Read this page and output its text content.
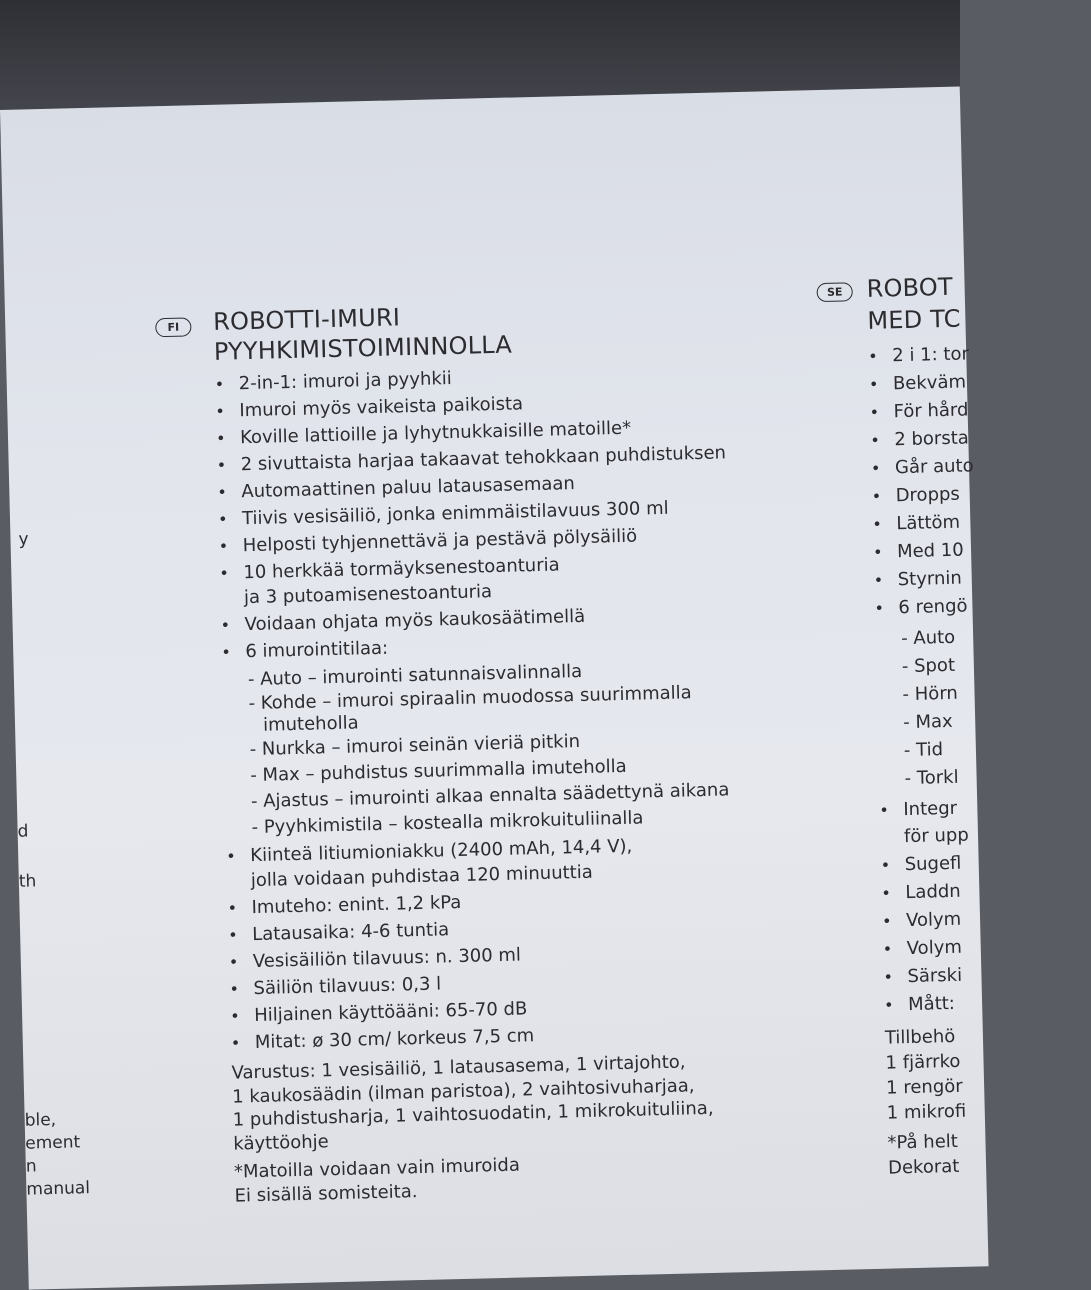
y
d
th
ble,
ement
n
manual
FI	ROBOTTI-IMURI
PYYHKIMISTOIMINNOLLA
• 2-in-1: imuroi ja pyyhkii
• Imuroi myös vaikeista paikoista
• Koville lattioille ja lyhytnukkaisille matoille*
• 2 sivuttaista harjaa takaavat tehokkaan puhdistuksen
• Automaattinen paluu latausasemaan
• Tiivis vesisäiliö, jonka enimmäistilavuus 300 ml
• Helposti tyhjennettävä ja pestävä pölysäiliö
• 10 herkkää tormäyksenestoanturia
ja 3 putoamisenestoanturia
• Voidaan ohjata myös kaukosäätimellä
• 6 imurointitilaa:
- Auto – imurointi satunnaisvalinnalla
- Kohde – imuroi spiraalin muodossa suurimmalla
imuteholla
- Nurkka – imuroi seinän vieriä pitkin
- Max – puhdistus suurimmalla imuteholla
- Ajastus – imurointi alkaa ennalta säädettynä aikana
- Pyyhkimistila – kostealla mikrokuituliinalla
• Kiinteä litiumioniakku (2400 mAh, 14,4 V),
jolla voidaan puhdistaa 120 minuuttia
• Imuteho: enint. 1,2 kPa
• Latausaika: 4-6 tuntia
• Vesisäiliön tilavuus: n. 300 ml
• Säiliön tilavuus: 0,3 l
• Hiljainen käyttöääni: 65-70 dB
• Mitat: ø 30 cm/ korkeus 7,5 cm
Varustus: 1 vesisäiliö, 1 latausasema, 1 virtajohto,
1 kaukosäädin (ilman paristoa), 2 vaihtosivuharjaa,
1 puhdistusharja, 1 vaihtosuodatin, 1 mikrokuituliina,
käyttöohje
*Matoilla voidaan vain imuroida
Ei sisällä somisteita.
SE ROBOT
MED TC
• 2 i 1: tor
• Bekväm
• För hård
• 2 borsta
• Går auto
• Dropps
• Lättöm
• Med 10
• Styrnin
• 6 rengö
- Auto
- Spot
- Hörn
- Max
- Tid
- Torkl
• Integr
för upp
• Sugefl
• Laddn
• Volym
• Volym
• Särski
• Mått:
Tillbehö
1 fjärrko
1 rengör
1 mikrofi
*På helt
Dekorat
